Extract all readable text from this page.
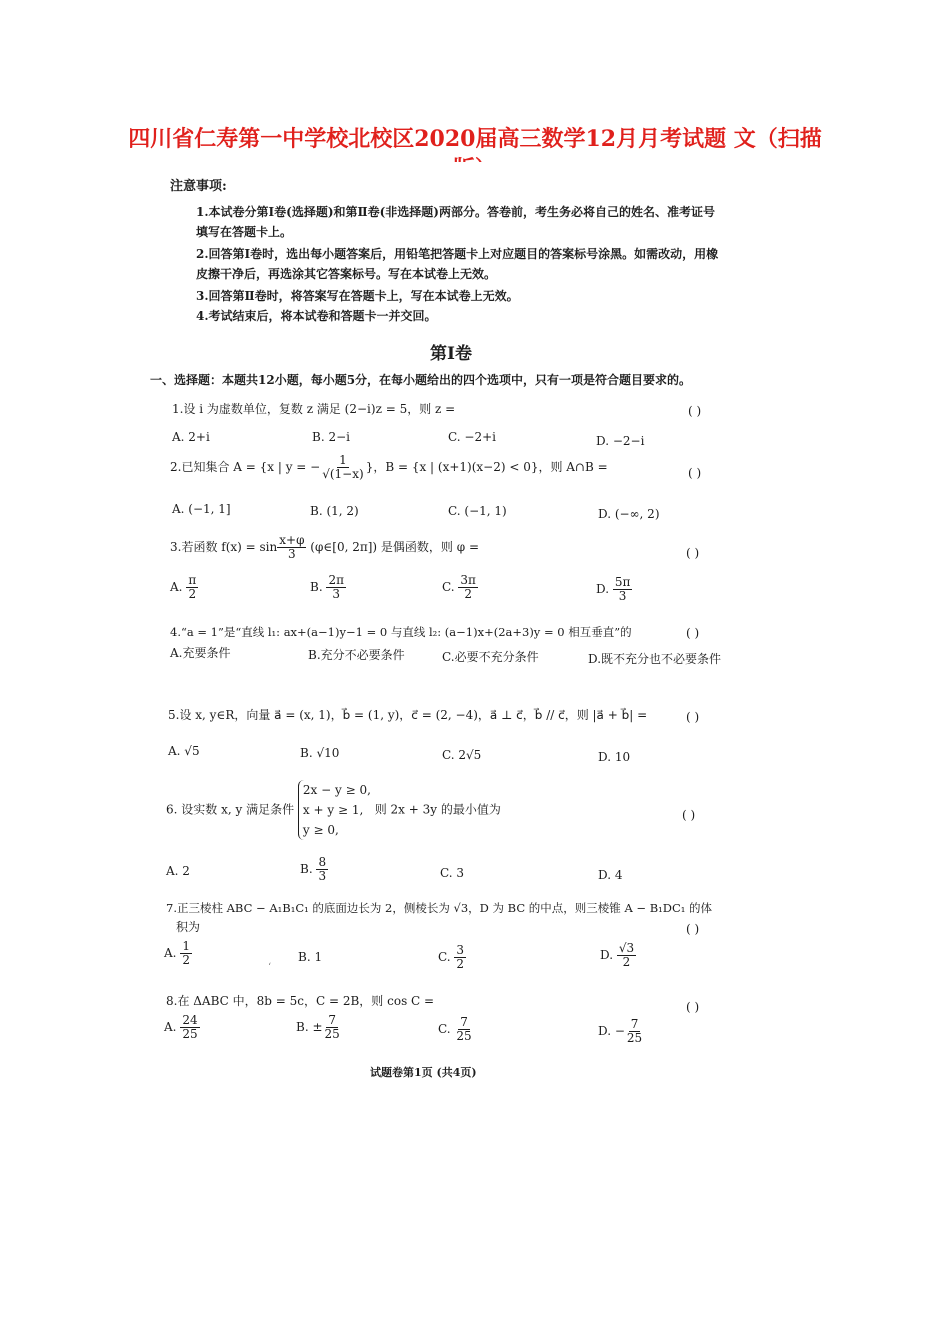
四川省仁寿第一中学校北校区2020届高三数学12月月考试题 文（扫描
注意事项:
1.本试卷分第Ⅰ卷(选择题)和第Ⅱ卷(非选择题)两部分。答卷前，考生务必将自己的姓名、准考证号填写在答题卡上。
2.回答第Ⅰ卷时，选出每小题答案后，用铅笔把答题卡上对应题目的答案标号涂黑。如需改动，用橡皮擦干净后，再选涂其它答案标号。写在本试卷上无效。
3.回答第Ⅱ卷时，将答案写在答题卡上，写在本试卷上无效。
4.考试结束后，将本试卷和答题卡一并交回。
第Ⅰ卷
一、选择题：本题共12小题，每小题5分，在每小题给出的四个选项中，只有一项是符合题目要求的。
1.设 i 为虚数单位，复数 z 满足 (2−i)z = 5，则 z =	( )
A. 2+i	B. 2−i	C. −2+i	D. −2−i
2.已知集合 A = {x | y = − $\frac{1}{√(1-x)}$ }，B = {x | (x+1)(x−2) < 0}，则 A∩B =	( )
A. (−1, 1]	B. (1, 2)	C. (−1, 1)	D. (−∞, 2)
3.若函数 $f(x) = \sin \frac{x+\varphi}{3}$ (φ∈[0, 2π]) 是偶函数，则 φ =	( )
A. $\frac{\pi}{2}$	B. $\frac{2\pi}{3}$	C. $\frac{3\pi}{2}$	D. $\frac{5\pi}{3}$
4.“a = 1”是“直线 l₁: ax+(a−1)y−1 = 0 与直线 l₂: (a−1)x+(2a+3)y = 0 相互垂直”的	( )
A.充要条件	B.充分不必要条件	C.必要不充分条件	D.既不充分也不必要条件
5.设 x, y∈R，向量 a⃗ = (x, 1)，b⃗ = (1, y)，c⃗ = (2, −4)，a⃗ ⊥ c⃗，b⃗ // c⃗，则 |a⃗ + b⃗| =	( )
A. √5	B. √10	C. 2√5	D. 10
6. 设实数 x, y 满足条件
2x − y ≥ 0,
x + y ≥ 1,
y ≥ 0,
则 2x + 3y 的最小值为	( )
A. 2	B. $\frac{8}{3}$	C. 3	D. 4
7.正三棱柱 ABC − A₁B₁C₁ 的底面边长为 2，侧棱长为 √3，D 为 BC 的中点，则三棱锥 A − B₁DC₁ 的体
积为	( )
A. $\frac{1}{2}$
‘
B. 1	C. $\frac{3}{2}$	D. $\frac{√3}{2}$
8.在 ΔABC 中，8b = 5c，C = 2B，则 cos C =	( )
A. $\frac{24}{25}$	B. ± $\frac{7}{25}$	C. $\frac{7}{25}$	D. − $\frac{7}{25}$
试题卷第1页 (共4页)
